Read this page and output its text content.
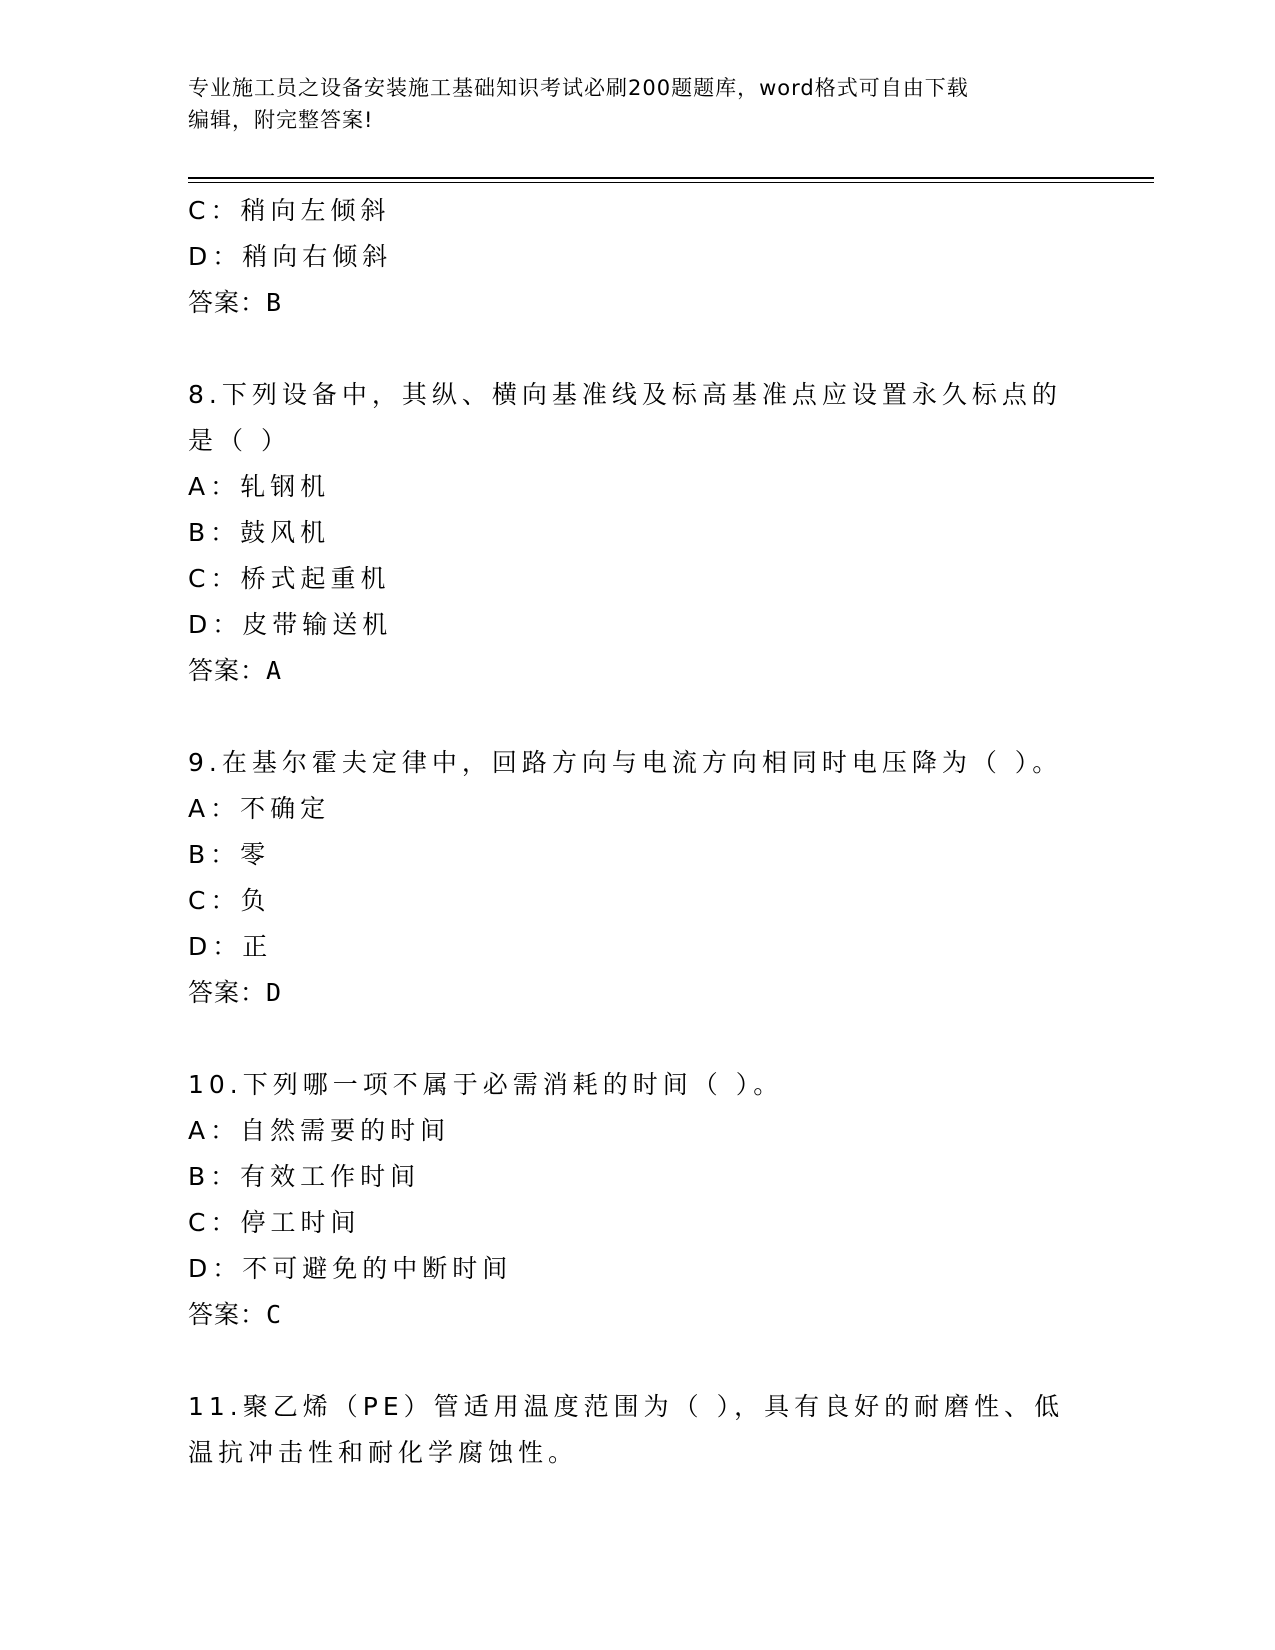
专业施工员之设备安装施工基础知识考试必刷200题题库，word格式可自由下载
编辑，附完整答案!
C：稍向左倾斜
D：稍向右倾斜
答案：B
8.下列设备中，其纵、横向基准线及标高基准点应设置永久标点的是（ ）
A：轧钢机
B：鼓风机
C：桥式起重机
D：皮带输送机
答案：A
9.在基尔霍夫定律中，回路方向与电流方向相同时电压降为（ ）。
A：不确定
B：零
C：负
D：正
答案：D
10.下列哪一项不属于必需消耗的时间（ ）。
A：自然需要的时间
B：有效工作时间
C：停工时间
D：不可避免的中断时间
答案：C
11.聚乙烯（PE）管适用温度范围为（ ），具有良好的耐磨性、低温抗冲击性和耐化学腐蚀性。
